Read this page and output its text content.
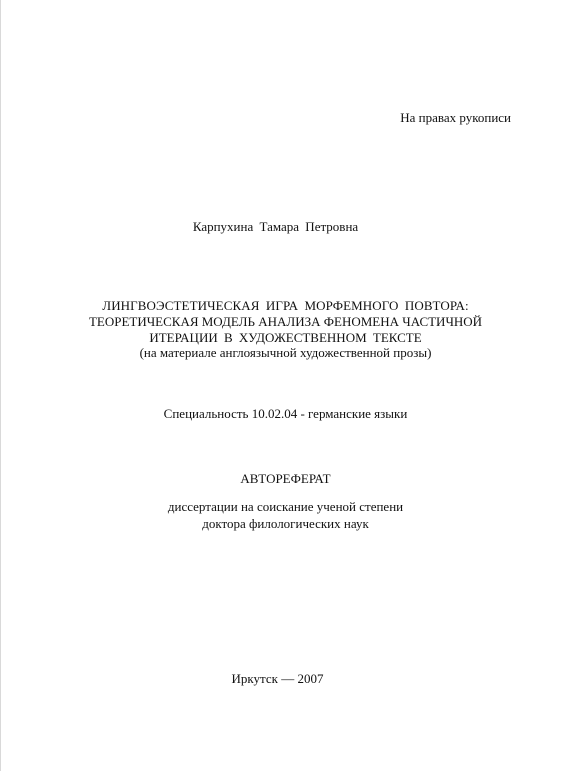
На правах рукописи
Карпухина Тамара Петровна
ЛИНГВОЭСТЕТИЧЕСКАЯ ИГРА МОРФЕМНОГО ПОВТОРА:
ТЕОРЕТИЧЕСКАЯ МОДЕЛЬ АНАЛИЗА ФЕНОМЕНА ЧАСТИЧНОЙ
ИТЕРАЦИИ В ХУДОЖЕСТВЕННОМ ТЕКСТЕ
(на материале англоязычной художественной прозы)
Специальность 10.02.04 - германские языки
АВТОРЕФЕРАТ
диссертации на соискание ученой степени
доктора филологических наук
Иркутск — 2007
